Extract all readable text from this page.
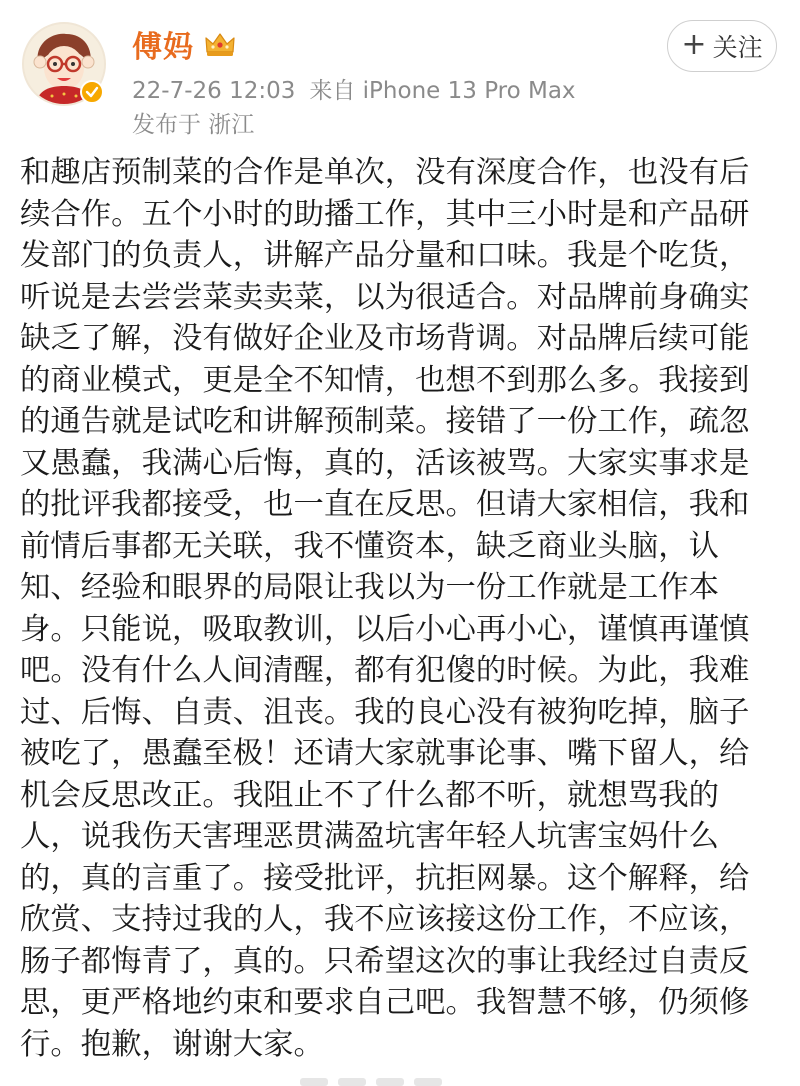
傅妈
22-7-26 12:03 来自 iPhone 13 Pro Max
发布于 浙江
+ 关注
和趣店预制菜的合作是单次，没有深度合作，也没有后
续合作。五个小时的助播工作，其中三小时是和产品研
发部门的负责人，讲解产品分量和口味。我是个吃货，
听说是去尝尝菜卖卖菜，以为很适合。对品牌前身确实
缺乏了解，没有做好企业及市场背调。对品牌后续可能
的商业模式，更是全不知情，也想不到那么多。我接到
的通告就是试吃和讲解预制菜。接错了一份工作，疏忽
又愚蠢，我满心后悔，真的，活该被骂。大家实事求是
的批评我都接受，也一直在反思。但请大家相信，我和
前情后事都无关联，我不懂资本，缺乏商业头脑，认
知、经验和眼界的局限让我以为一份工作就是工作本
身。只能说，吸取教训，以后小心再小心，谨慎再谨慎
吧。没有什么人间清醒，都有犯傻的时候。为此，我难
过、后悔、自责、沮丧。我的良心没有被狗吃掉，脑子
被吃了，愚蠢至极！还请大家就事论事、嘴下留人，给
机会反思改正。我阻止不了什么都不听，就想骂我的
人，说我伤天害理恶贯满盈坑害年轻人坑害宝妈什么
的，真的言重了。接受批评，抗拒网暴。这个解释，给
欣赏、支持过我的人，我不应该接这份工作，不应该，
肠子都悔青了，真的。只希望这次的事让我经过自责反
思，更严格地约束和要求自己吧。我智慧不够，仍须修
行。抱歉，谢谢大家。
